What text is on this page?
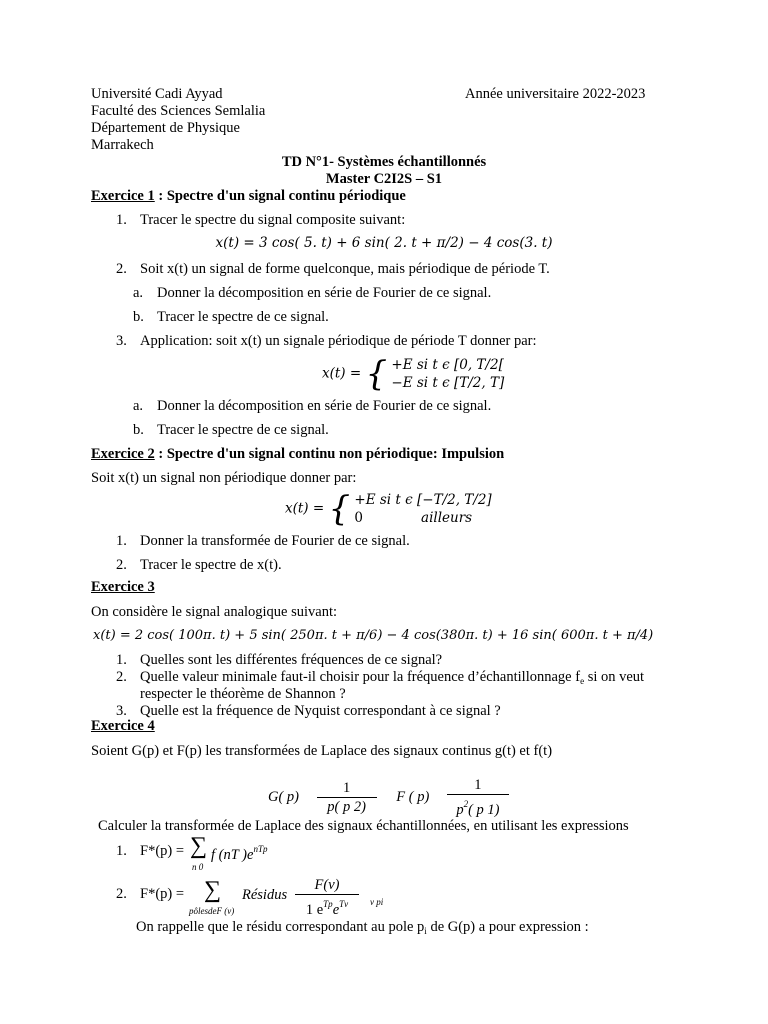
Université Cadi Ayyad	Année universitaire 2022-2023
Faculté des Sciences Semlalia
Département de Physique
Marrakech
TD N°1- Systèmes échantillonnés
Master C2I2S – S1
Exercice 1 : Spectre d'un signal continu périodique
1. Tracer le spectre du signal composite suivant:
x(t) = 3 cos( 5. t) + 6 sin( 2. t + π/2) − 4 cos(3. t)
2. Soit x(t) un signal de forme quelconque, mais périodique de période T.
a. Donner la décomposition en série de Fourier de ce signal.
b. Tracer le spectre de ce signal.
3. Application: soit x(t) un signale périodique de période T donner par:
x(t) = { +E si t ϵ [0, T/2[
−E si t ϵ [T/2, T]
a. Donner la décomposition en série de Fourier de ce signal.
b. Tracer le spectre de ce signal.
Exercice 2 : Spectre d'un signal continu non périodique: Impulsion
Soit x(t) un signal non périodique donner par:
x(t) = { +E si t ϵ [−T/2, T/2]
0	ailleurs
1. Donner la transformée de Fourier de ce signal.
2. Tracer le spectre de x(t).
Exercice 3
On considère le signal analogique suivant:
x(t) = 2 cos( 100π. t) + 5 sin( 250π. t + π/6) − 4 cos(380π. t) + 16 sin( 600π. t + π/4)
1. Quelles sont les différentes fréquences de ce signal?
2. Quelle valeur minimale faut-il choisir pour la fréquence d’échantillonnage $f_e$ si on veut
respecter le théorème de Shannon ?
3. Quelle est la fréquence de Nyquist correspondant à ce signal ?
Exercice 4
Soient G(p) et F(p) les transformées de Laplace des signaux continus g(t) et f(t)
G( $p) \frac{1}{p( p 2)}$ F ( $p) \frac{1}{p^2( p 1)}$
Calculer la transformée de Laplace des signaux échantillonnées, en utilisant les expressions
1. F*(p) = ∑
n 0
f (nT )$e^{nTp}$
2. F*(p) = ∑
pôlesdeF (v)
Résidus $\frac{F(v)}{1 e^{Tp}e^{Tv}}$ v pi
On rappelle que le résidu correspondant au pole $p_i$ de G(p) a pour expression :
